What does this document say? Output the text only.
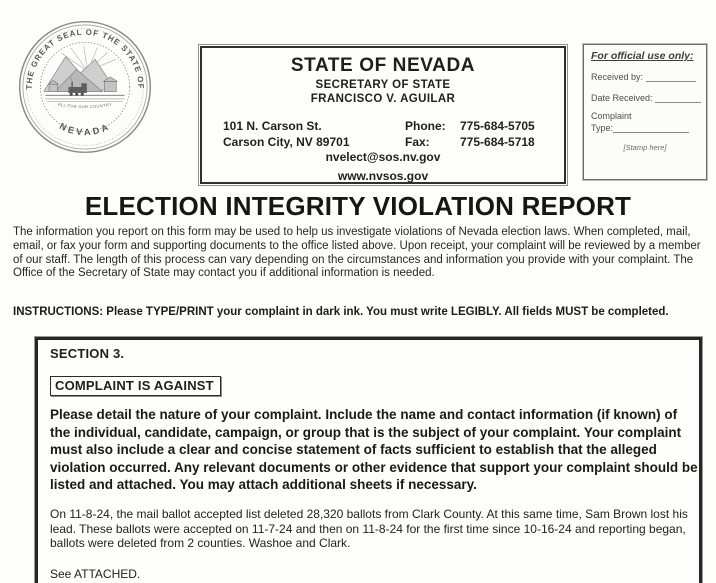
THE GREAT SEAL OF THE STATE OF
NEVADA
ALL FOR OUR COUNTRY
STATE OF NEVADA
SECRETARY OF STATE
FRANCISCO V. AGUILAR
101 N. Carson St.
Carson City, NV 89701
Phone: 775-684-5705
Fax:	775-684-5718
nvelect@sos.nv.gov
www.nvsos.gov
For official use only:
Received by:
Date Received:
Complaint
Type:
[Stamp here]
ELECTION INTEGRITY VIOLATION REPORT

The information you report on this form may be used to help us investigate violations of Nevada election laws. When completed, mail, email, or fax your form and supporting documents to the office listed above. Upon receipt, your complaint will be reviewed by a member of our staff. The length of this process can vary depending on the circumstances and information you provide with your complaint. The Office of the Secretary of State may contact you if additional information is needed.

INSTRUCTIONS: Please TYPE/PRINT your complaint in dark ink. You must write LEGIBLY. All fields MUST be completed.

SECTION 3.
COMPLAINT IS AGAINST

Please detail the nature of your complaint. Include the name and contact information (if known) of the individual, candidate, campaign, or group that is the subject of your complaint. Your complaint must also include a clear and concise statement of facts sufficient to establish that the alleged violation occurred. Any relevant documents or other evidence that support your complaint should be listed and attached. You may attach additional sheets if necessary.

On 11-8-24, the mail ballot accepted list deleted 28,320 ballots from Clark County. At this same time, Sam Brown lost his lead. These ballots were accepted on 11-7-24 and then on 11-8-24 for the first time since 10-16-24 and reporting began, ballots were deleted from 2 counties. Washoe and Clark.

See ATTACHED.
